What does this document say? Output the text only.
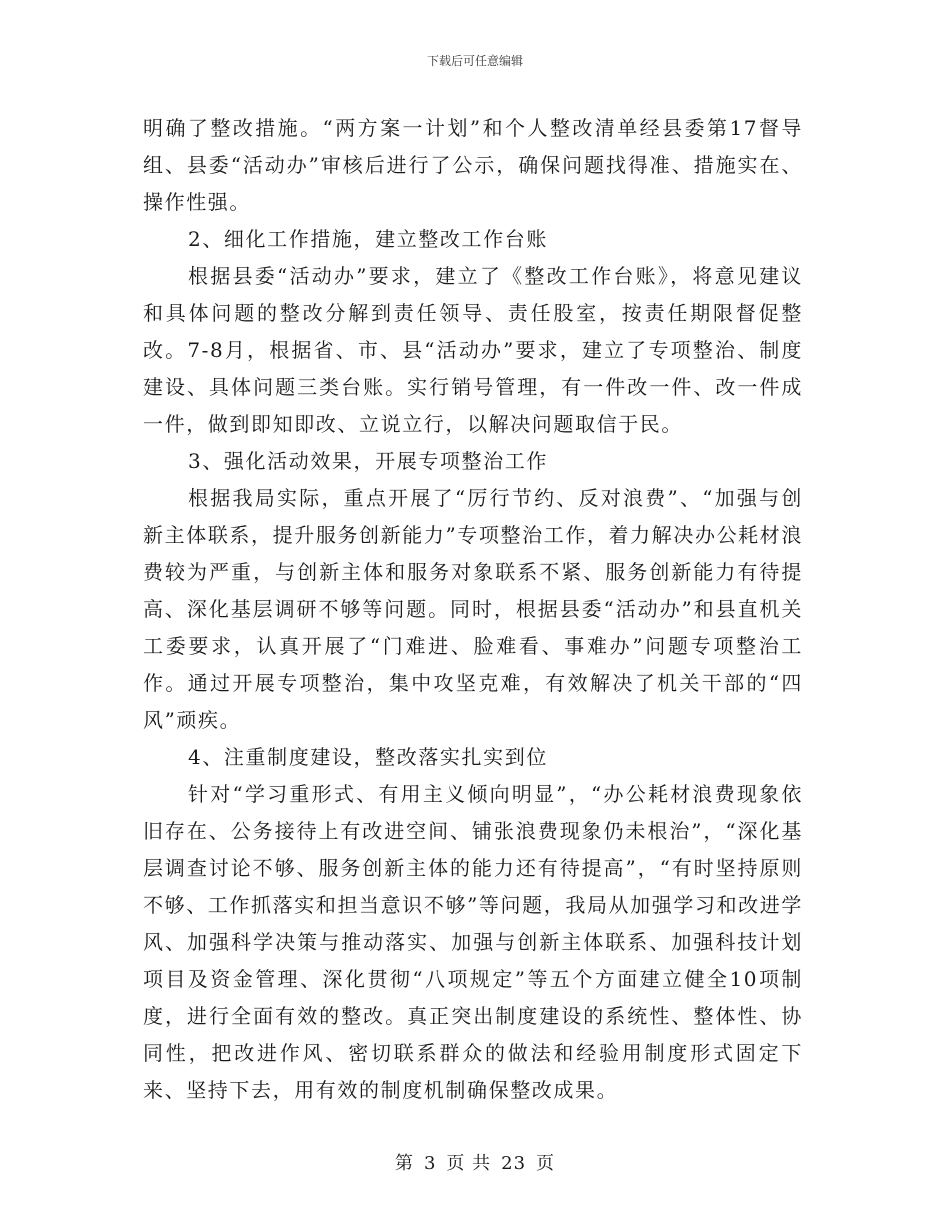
下载后可任意编辑

明确了整改措施。“两方案一计划”和个人整改清单经县委第17督导组、县委“活动办”审核后进行了公示，确保问题找得准、措施实在、操作性强。

2、细化工作措施，建立整改工作台账

根据县委“活动办”要求，建立了《整改工作台账》，将意见建议和具体问题的整改分解到责任领导、责任股室，按责任期限督促整改。7-8月，根据省、市、县“活动办”要求，建立了专项整治、制度建设、具体问题三类台账。实行销号管理，有一件改一件、改一件成一件，做到即知即改、立说立行，以解决问题取信于民。

3、强化活动效果，开展专项整治工作

根据我局实际，重点开展了“厉行节约、反对浪费”、“加强与创新主体联系，提升服务创新能力”专项整治工作，着力解决办公耗材浪费较为严重，与创新主体和服务对象联系不紧、服务创新能力有待提高、深化基层调研不够等问题。同时，根据县委“活动办”和县直机关工委要求，认真开展了“门难进、脸难看、事难办”问题专项整治工作。通过开展专项整治，集中攻坚克难，有效解决了机关干部的“四风”顽疾。

4、注重制度建设，整改落实扎实到位

针对“学习重形式、有用主义倾向明显”，“办公耗材浪费现象依旧存在、公务接待上有改进空间、铺张浪费现象仍未根治”，“深化基层调查讨论不够、服务创新主体的能力还有待提高”，“有时坚持原则不够、工作抓落实和担当意识不够”等问题，我局从加强学习和改进学风、加强科学决策与推动落实、加强与创新主体联系、加强科技计划项目及资金管理、深化贯彻“八项规定”等五个方面建立健全10项制度，进行全面有效的整改。真正突出制度建设的系统性、整体性、协同性，把改进作风、密切联系群众的做法和经验用制度形式固定下来、坚持下去，用有效的制度机制确保整改成果。

第 3 页 共 23 页
